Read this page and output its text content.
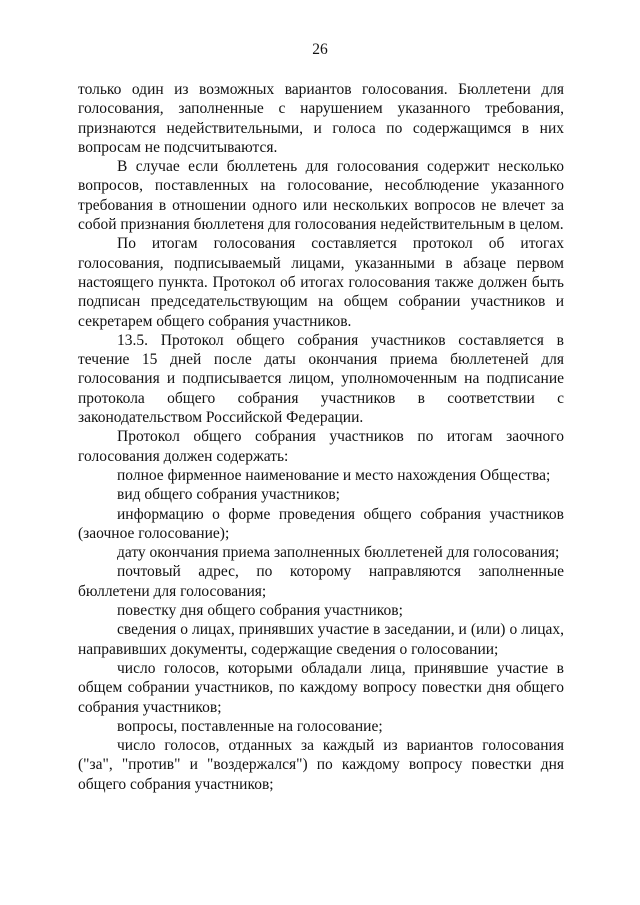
26

только один из возможных вариантов голосования. Бюллетени для голосования, заполненные с нарушением указанного требования, признаются недействительными, и голоса по содержащимся в них вопросам не подсчитываются.

В случае если бюллетень для голосования содержит несколько вопросов, поставленных на голосование, несоблюдение указанного требования в отношении одного или нескольких вопросов не влечет за собой признания бюллетеня для голосования недействительным в целом.

По итогам голосования составляется протокол об итогах голосования, подписываемый лицами, указанными в абзаце первом настоящего пункта. Протокол об итогах голосования также должен быть подписан председательствующим на общем собрании участников и секретарем общего собрания участников.

13.5. Протокол общего собрания участников составляется в течение 15 дней после даты окончания приема бюллетеней для голосования и подписывается лицом, уполномоченным на подписание протокола общего собрания участников в соответствии с законодательством Российской Федерации.

Протокол общего собрания участников по итогам заочного голосования должен содержать:

полное фирменное наименование и место нахождения Общества;

вид общего собрания участников;

информацию о форме проведения общего собрания участников (заочное голосование);

дату окончания приема заполненных бюллетеней для голосования;

почтовый адрес, по которому направляются заполненные бюллетени для голосования;

повестку дня общего собрания участников;

сведения о лицах, принявших участие в заседании, и (или) о лицах, направивших документы, содержащие сведения о голосовании;

число голосов, которыми обладали лица, принявшие участие в общем собрании участников, по каждому вопросу повестки дня общего собрания участников;

вопросы, поставленные на голосование;

число голосов, отданных за каждый из вариантов голосования ("за", "против" и "воздержался") по каждому вопросу повестки дня общего собрания участников;
